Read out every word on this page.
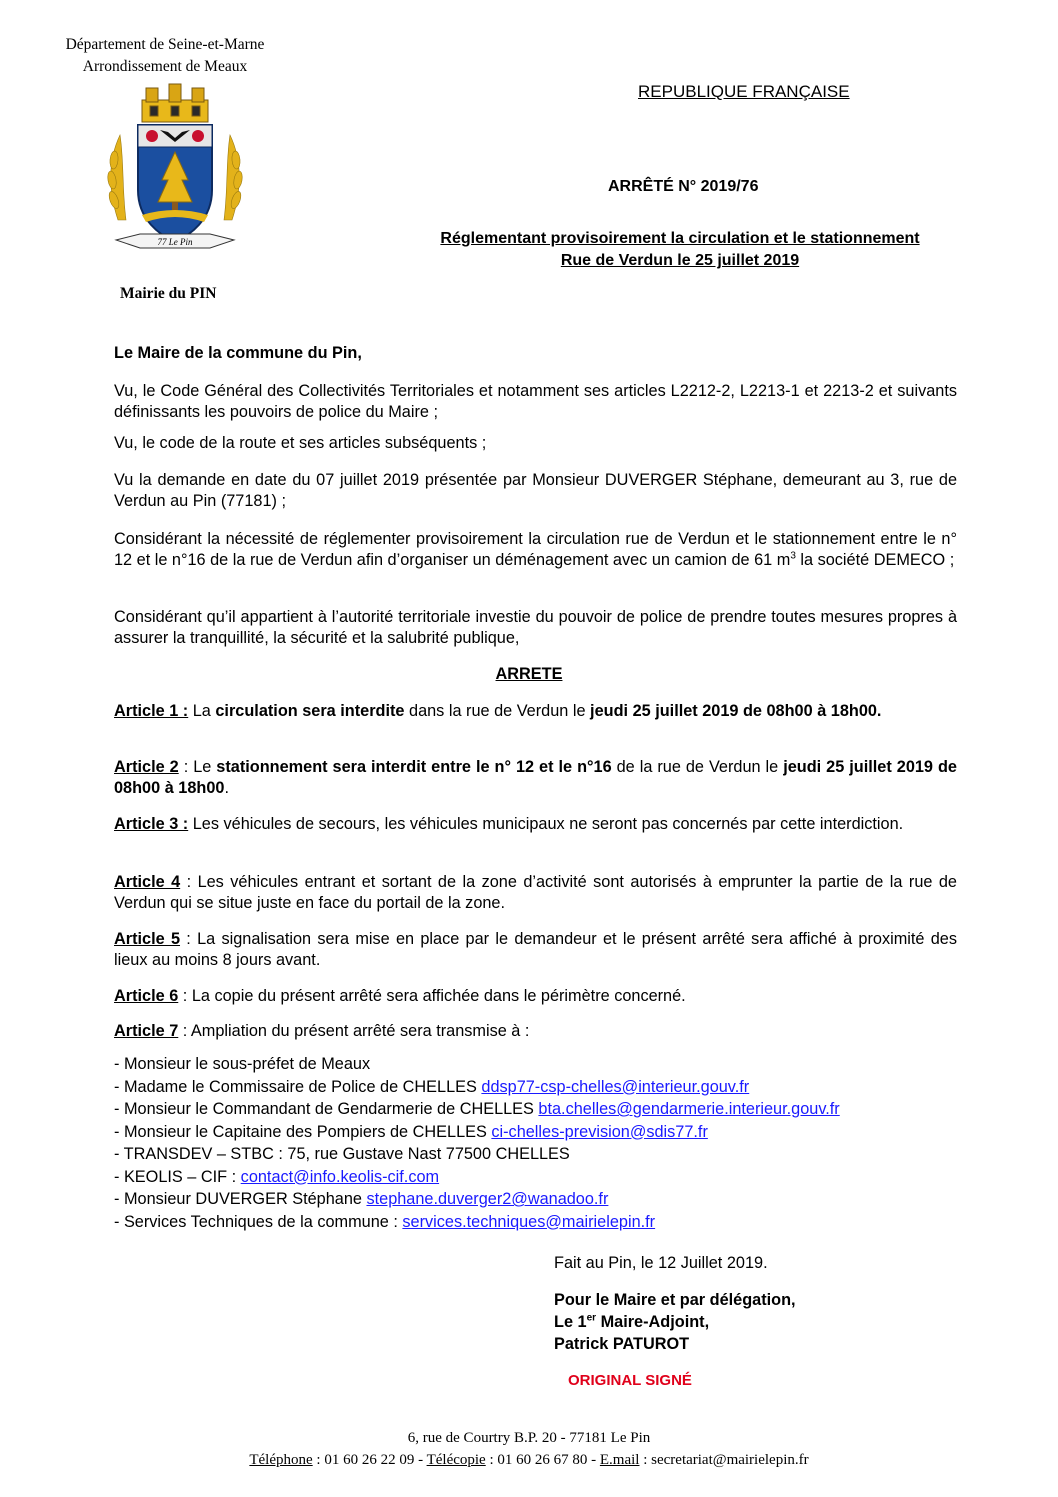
Département de Seine-et-Marne
Arrondissement de Meaux
77 Le Pin
Mairie du PIN
REPUBLIQUE FRANÇAISE
ARRÊTÉ N° 2019/76
Réglementant provisoirement la circulation et le stationnement
Rue de Verdun le 25 juillet 2019
Le Maire de la commune du Pin,
Vu, le Code Général des Collectivités Territoriales et notamment ses articles L2212-2, L2213-1 et 2213-2 et suivants définissants les pouvoirs de police du Maire ;
Vu, le code de la route et ses articles subséquents ;
Vu la demande en date du 07 juillet 2019 présentée par Monsieur DUVERGER Stéphane, demeurant au 3, rue de Verdun au Pin (77181) ;
Considérant la nécessité de réglementer provisoirement la circulation rue de Verdun et le stationnement entre le n° 12 et le n°16 de la rue de Verdun afin d’organiser un déménagement avec un camion de 61 $m^3$ la société DEMECO ;
Considérant qu’il appartient à l’autorité territoriale investie du pouvoir de police de prendre toutes mesures propres à assurer la tranquillité, la sécurité et la salubrité publique,
ARRETE
Article 1 : La circulation sera interdite dans la rue de Verdun le jeudi 25 juillet 2019 de 08h00 à 18h00.
Article 2 : Le stationnement sera interdit entre le n° 12 et le n°16 de la rue de Verdun le jeudi 25 juillet 2019 de 08h00 à 18h00.
Article 3 : Les véhicules de secours, les véhicules municipaux ne seront pas concernés par cette interdiction.
Article 4 : Les véhicules entrant et sortant de la zone d’activité sont autorisés à emprunter la partie de la rue de Verdun qui se situe juste en face du portail de la zone.
Article 5 : La signalisation sera mise en place par le demandeur et le présent arrêté sera affiché à proximité des lieux au moins 8 jours avant.
Article 6 : La copie du présent arrêté sera affichée dans le périmètre concerné.
Article 7 : Ampliation du présent arrêté sera transmise à :
- Monsieur le sous-préfet de Meaux
- Madame le Commissaire de Police de CHELLES ddsp77-csp-chelles@interieur.gouv.fr
- Monsieur le Commandant de Gendarmerie de CHELLES bta.chelles@gendarmerie.interieur.gouv.fr
- Monsieur le Capitaine des Pompiers de CHELLES ci-chelles-prevision@sdis77.fr
- TRANSDEV – STBC : 75, rue Gustave Nast 77500 CHELLES
- KEOLIS – CIF : contact@info.keolis-cif.com
- Monsieur DUVERGER Stéphane stephane.duverger2@wanadoo.fr
- Services Techniques de la commune : services.techniques@mairielepin.fr
Fait au Pin, le 12 Juillet 2019.
Pour le Maire et par délégation,
Le 1er Maire-Adjoint,
Patrick PATUROT
ORIGINAL SIGNÉ
6, rue de Courtry B.P. 20 - 77181 Le Pin
Téléphone : 01 60 26 22 09 - Télécopie : 01 60 26 67 80 - E.mail : secretariat@mairielepin.fr
